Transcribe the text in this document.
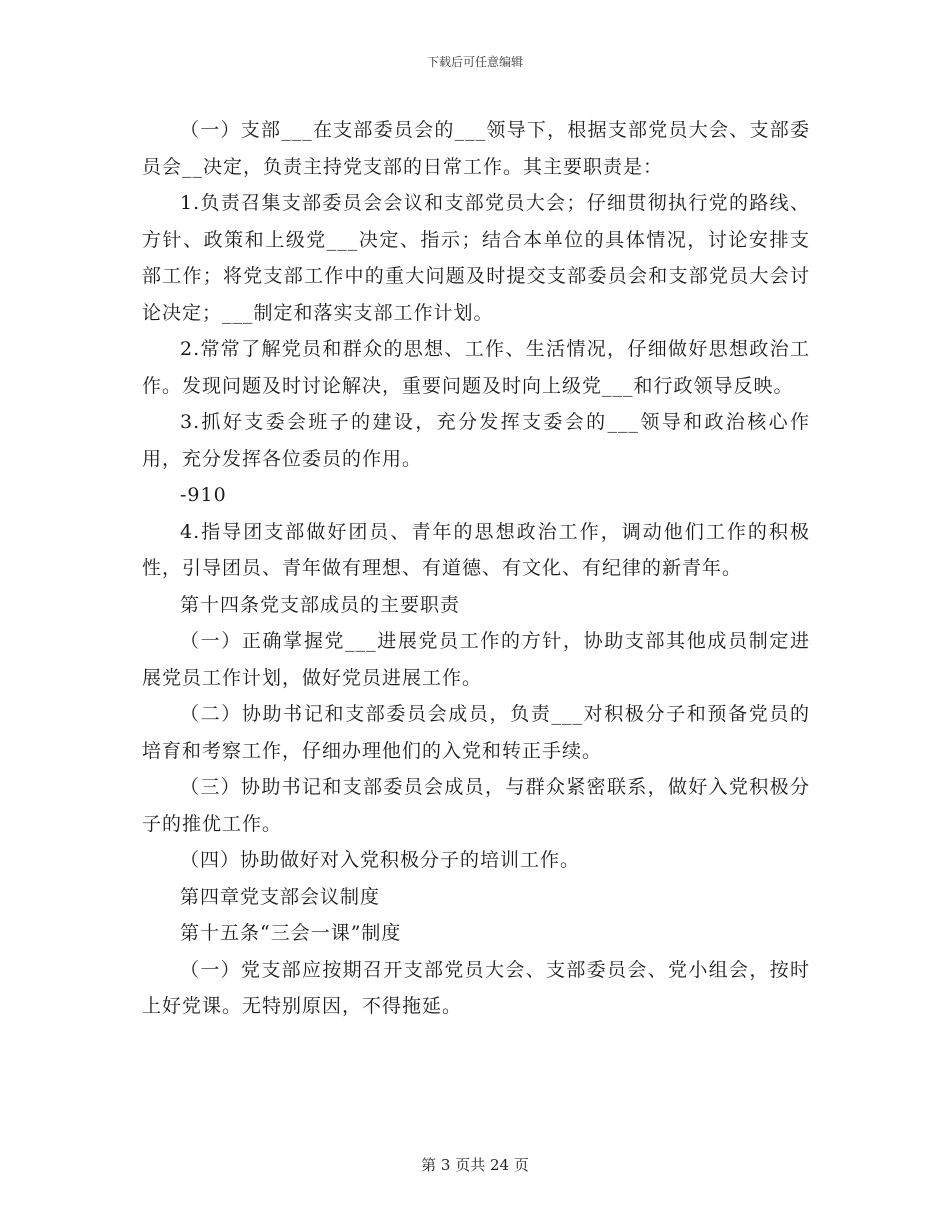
下载后可任意编辑

（一）支部___在支部委员会的___领导下，根据支部党员大会、支部委员会__决定，负责主持党支部的日常工作。其主要职责是：

1.负责召集支部委员会会议和支部党员大会；仔细贯彻执行党的路线、方针、政策和上级党___决定、指示；结合本单位的具体情况，讨论安排支部工作；将党支部工作中的重大问题及时提交支部委员会和支部党员大会讨论决定；___制定和落实支部工作计划。

2.常常了解党员和群众的思想、工作、生活情况，仔细做好思想政治工作。发现问题及时讨论解决，重要问题及时向上级党___和行政领导反映。

3.抓好支委会班子的建设，充分发挥支委会的___领导和政治核心作用，充分发挥各位委员的作用。

-910

4.指导团支部做好团员、青年的思想政治工作，调动他们工作的积极性，引导团员、青年做有理想、有道德、有文化、有纪律的新青年。

第十四条党支部成员的主要职责

（一）正确掌握党___进展党员工作的方针，协助支部其他成员制定进展党员工作计划，做好党员进展工作。

（二）协助书记和支部委员会成员，负责___对积极分子和预备党员的培育和考察工作，仔细办理他们的入党和转正手续。

（三）协助书记和支部委员会成员，与群众紧密联系，做好入党积极分子的推优工作。

（四）协助做好对入党积极分子的培训工作。

第四章党支部会议制度

第十五条“三会一课”制度

（一）党支部应按期召开支部党员大会、支部委员会、党小组会，按时上好党课。无特别原因，不得拖延。

第 3 页共 24 页
